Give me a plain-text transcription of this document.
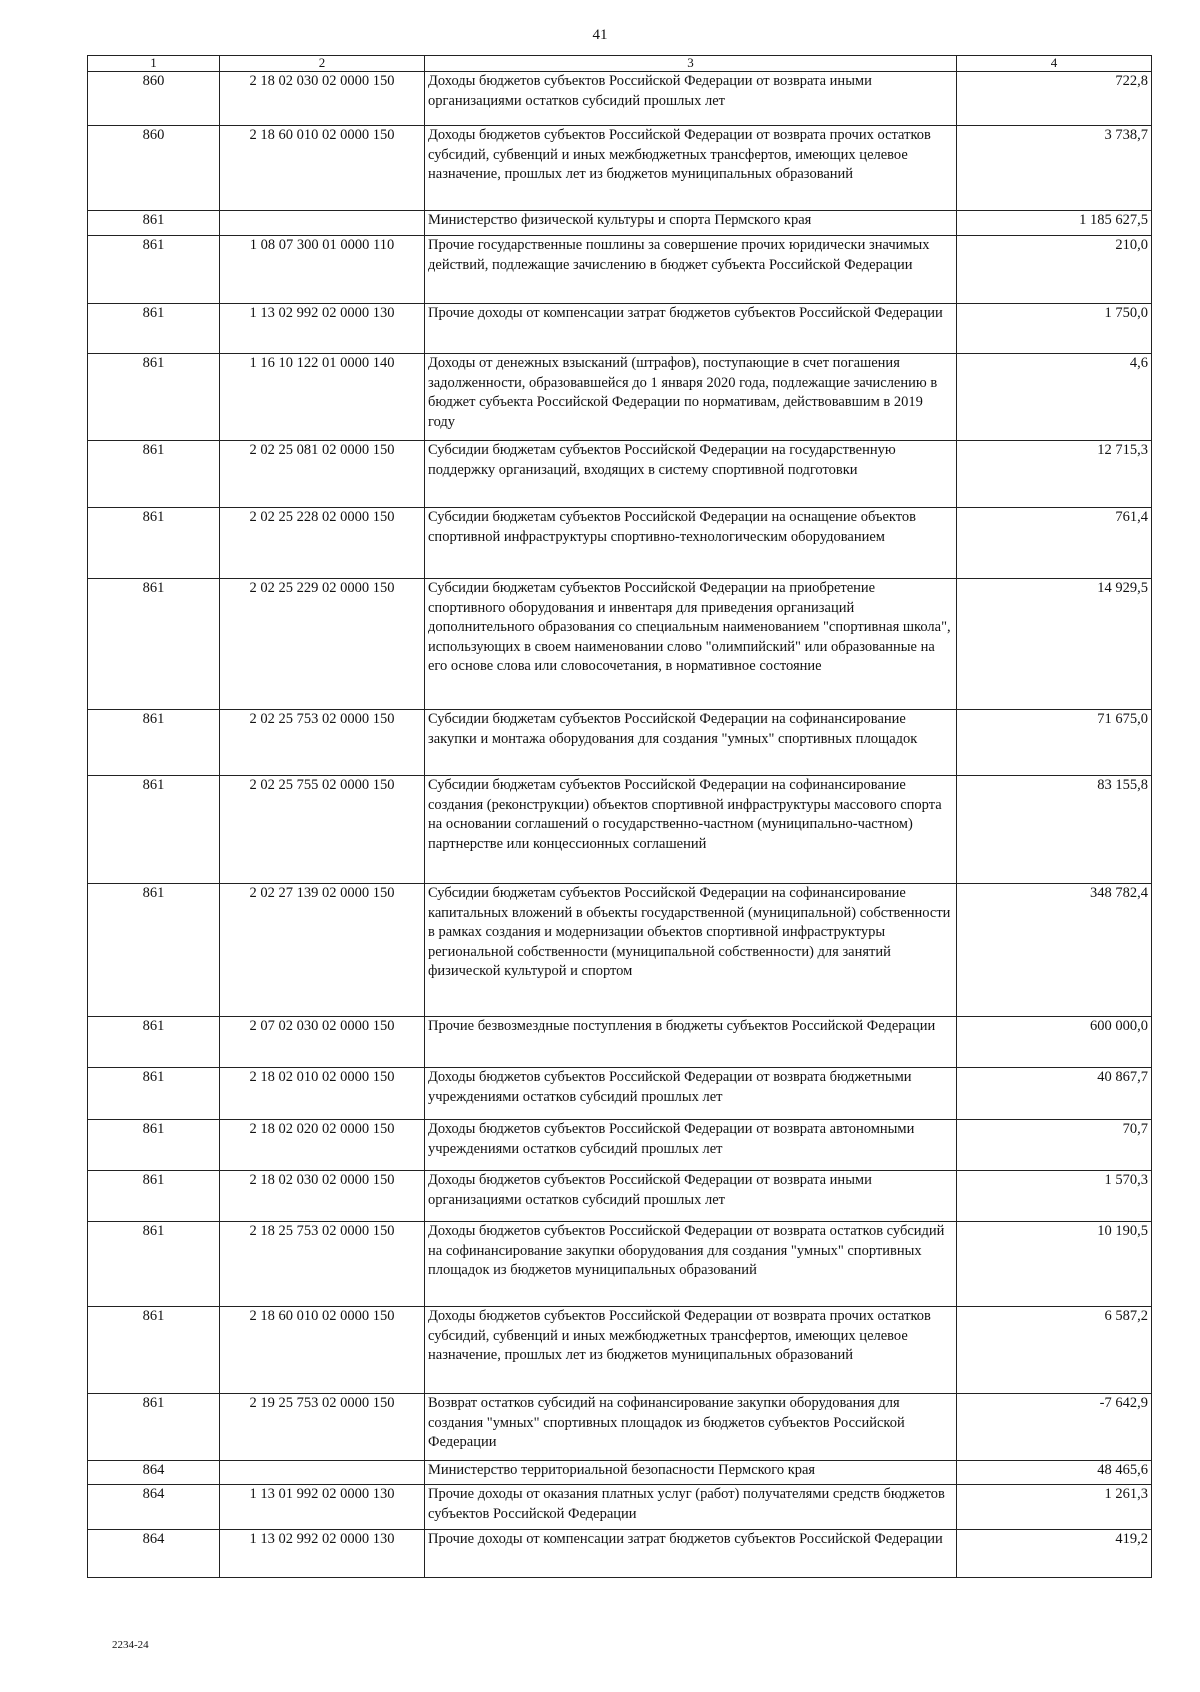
41
1	2	3	4
860	2 18 02 030 02 0000 150	Доходы бюджетов субъектов Российской Федерации от возврата иными организациями остатков субсидий прошлых лет	722,8
860	2 18 60 010 02 0000 150	Доходы бюджетов субъектов Российской Федерации от возврата прочих остатков субсидий, субвенций и иных межбюджетных трансфертов, имеющих целевое назначение, прошлых лет из бюджетов муниципальных образований	3 738,7
861		Министерство физической культуры и спорта Пермского края	1 185 627,5
861	1 08 07 300 01 0000 110	Прочие государственные пошлины за совершение прочих юридически значимых действий, подлежащие зачислению в бюджет субъекта Российской Федерации	210,0
861	1 13 02 992 02 0000 130	Прочие доходы от компенсации затрат бюджетов субъектов Российской Федерации	1 750,0
861	1 16 10 122 01 0000 140	Доходы от денежных взысканий (штрафов), поступающие в счет погашения задолженности, образовавшейся до 1 января 2020 года, подлежащие зачислению в бюджет субъекта Российской Федерации по нормативам, действовавшим в 2019 году	4,6
861	2 02 25 081 02 0000 150	Субсидии бюджетам субъектов Российской Федерации на государственную поддержку организаций, входящих в систему спортивной подготовки	12 715,3
861	2 02 25 228 02 0000 150	Субсидии бюджетам субъектов Российской Федерации на оснащение объектов спортивной инфраструктуры спортивно-технологическим оборудованием	761,4
861	2 02 25 229 02 0000 150	Субсидии бюджетам субъектов Российской Федерации на приобретение спортивного оборудования и инвентаря для приведения организаций дополнительного образования со специальным наименованием "спортивная школа", использующих в своем наименовании слово "олимпийский" или образованные на его основе слова или словосочетания, в нормативное состояние	14 929,5
861	2 02 25 753 02 0000 150	Субсидии бюджетам субъектов Российской Федерации на софинансирование закупки и монтажа оборудования для создания "умных" спортивных площадок	71 675,0
861	2 02 25 755 02 0000 150	Субсидии бюджетам субъектов Российской Федерации на софинансирование создания (реконструкции) объектов спортивной инфраструктуры массового спорта на основании соглашений о государственно-частном (муниципально-частном) партнерстве или концессионных соглашений	83 155,8
861	2 02 27 139 02 0000 150	Субсидии бюджетам субъектов Российской Федерации на софинансирование капитальных вложений в объекты государственной (муниципальной) собственности в рамках создания и модернизации объектов спортивной инфраструктуры региональной собственности (муниципальной собственности) для занятий физической культурой и спортом	348 782,4
861	2 07 02 030 02 0000 150	Прочие безвозмездные поступления в бюджеты субъектов Российской Федерации	600 000,0
861	2 18 02 010 02 0000 150	Доходы бюджетов субъектов Российской Федерации от возврата бюджетными учреждениями остатков субсидий прошлых лет	40 867,7
861	2 18 02 020 02 0000 150	Доходы бюджетов субъектов Российской Федерации от возврата автономными учреждениями остатков субсидий прошлых лет	70,7
861	2 18 02 030 02 0000 150	Доходы бюджетов субъектов Российской Федерации от возврата иными организациями остатков субсидий прошлых лет	1 570,3
861	2 18 25 753 02 0000 150	Доходы бюджетов субъектов Российской Федерации от возврата остатков субсидий на софинансирование закупки оборудования для создания "умных" спортивных площадок из бюджетов муниципальных образований	10 190,5
861	2 18 60 010 02 0000 150	Доходы бюджетов субъектов Российской Федерации от возврата прочих остатков субсидий, субвенций и иных межбюджетных трансфертов, имеющих целевое назначение, прошлых лет из бюджетов муниципальных образований	6 587,2
861	2 19 25 753 02 0000 150	Возврат остатков субсидий на софинансирование закупки оборудования для создания "умных" спортивных площадок из бюджетов субъектов Российской Федерации	-7 642,9
864		Министерство территориальной безопасности Пермского края	48 465,6
864	1 13 01 992 02 0000 130	Прочие доходы от оказания платных услуг (работ) получателями средств бюджетов субъектов Российской Федерации	1 261,3
864	1 13 02 992 02 0000 130	Прочие доходы от компенсации затрат бюджетов субъектов Российской Федерации	419,2
2234-24
